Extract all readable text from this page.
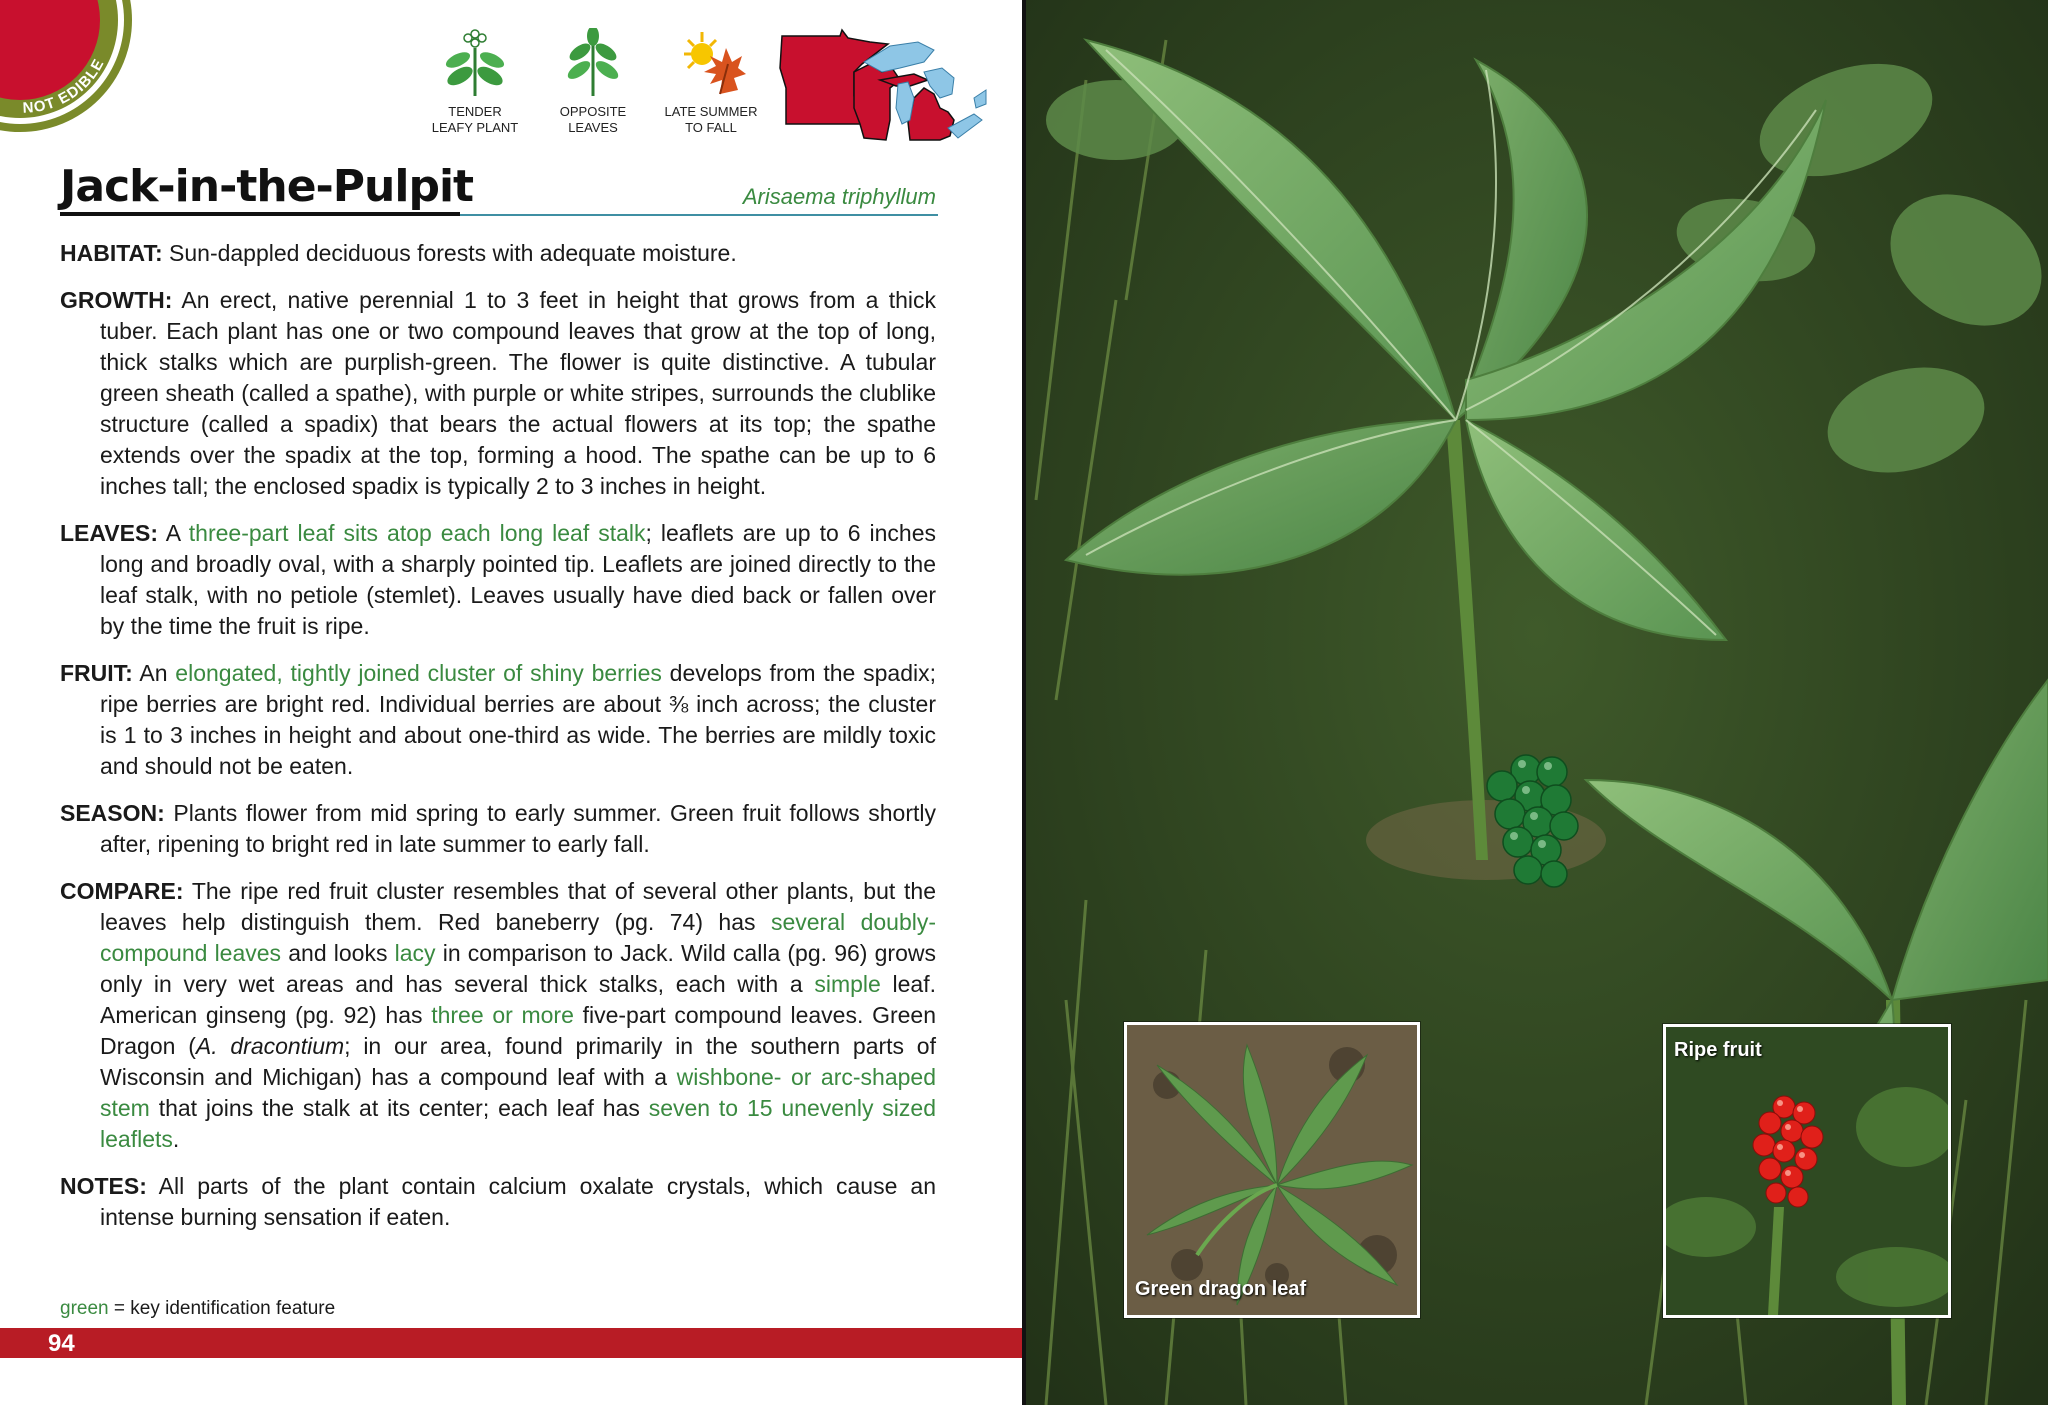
NOT EDIBLE
TENDER
LEAFY PLANT
OPPOSITE
LEAVES
LATE SUMMER
TO FALL
Jack-in-the-Pulpit	Arisaema triphyllum

HABITAT: Sun-dappled deciduous forests with adequate moisture.

GROWTH: An erect, native perennial 1 to 3 feet in height that grows from a thick tuber. Each plant has one or two compound leaves that grow at the top of long, thick stalks which are purplish-green. The flower is quite distinctive. A tubular green sheath (called a spathe), with purple or white stripes, surrounds the clublike structure (called a spadix) that bears the actual flowers at its top; the spathe extends over the spadix at the top, forming a hood. The spathe can be up to 6 inches tall; the enclosed spadix is typically 2 to 3 inches in height.

LEAVES: A three-part leaf sits atop each long leaf stalk; leaflets are up to 6 inches long and broadly oval, with a sharply pointed tip. Leaflets are joined directly to the leaf stalk, with no petiole (stemlet). Leaves usually have died back or fallen over by the time the fruit is ripe.

FRUIT: An elongated, tightly joined cluster of shiny berries develops from the spadix; ripe berries are bright red. Individual berries are about ⅜ inch across; the cluster is 1 to 3 inches in height and about one-third as wide. The berries are mildly toxic and should not be eaten.

SEASON: Plants flower from mid spring to early summer. Green fruit follows shortly after, ripening to bright red in late summer to early fall.

COMPARE: The ripe red fruit cluster resembles that of several other plants, but the leaves help distinguish them. Red baneberry (pg. 74) has several doubly-compound leaves and looks lacy in comparison to Jack. Wild calla (pg. 96) grows only in very wet areas and has several thick stalks, each with a simple leaf. American ginseng (pg. 92) has three or more five-part compound leaves. Green Dragon (A. dracontium; in our area, found primarily in the southern parts of Wisconsin and Michigan) has a compound leaf with a wishbone- or arc-shaped stem that joins the stalk at its center; each leaf has seven to 15 unevenly sized leaflets.

NOTES: All parts of the plant contain calcium oxalate crystals, which cause an intense burning sensation if eaten.

green = key identification feature
94
Green dragon leaf
Ripe fruit
